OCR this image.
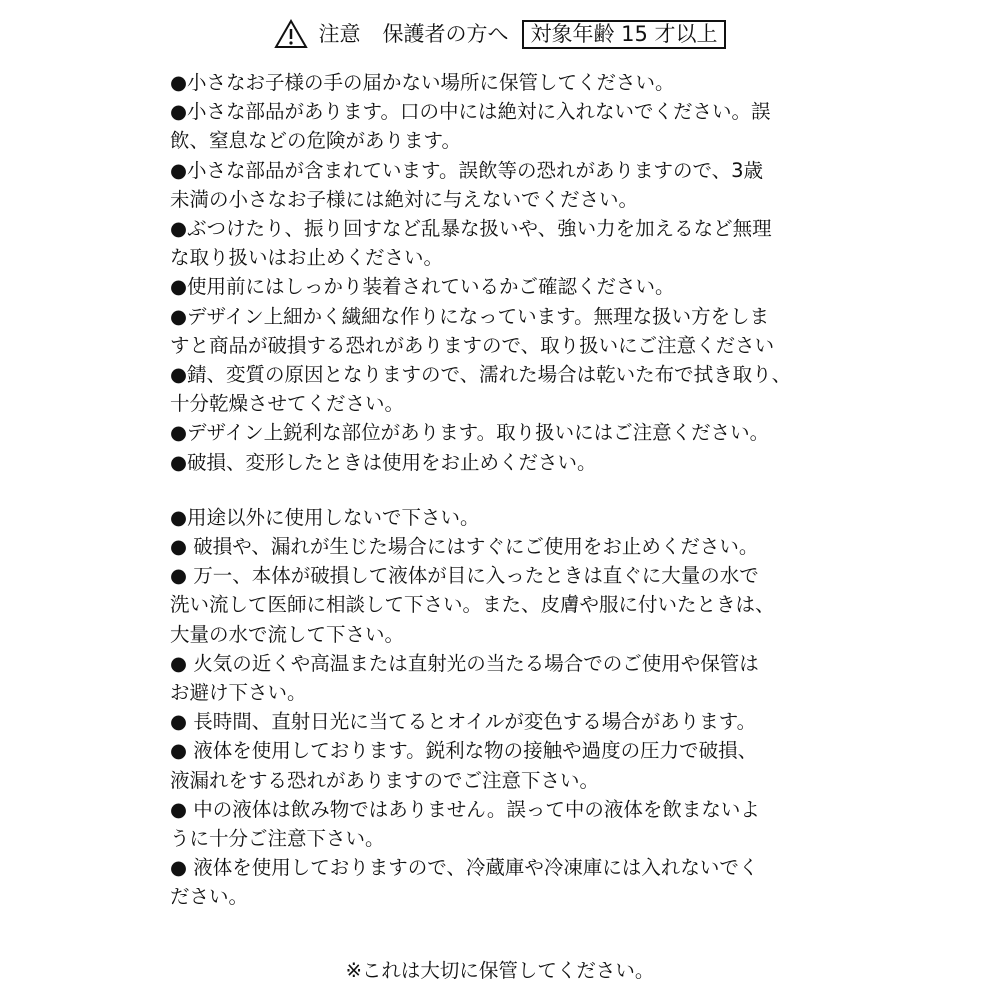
注意 保護者の方へ	対象年齢 15 才以上
●小さなお子様の手の届かない場所に保管してください。
●小さな部品があります。口の中には絶対に入れないでください。誤
飲、窒息などの危険があります。
●小さな部品が含まれています。誤飲等の恐れがありますので、3歳
未満の小さなお子様には絶対に与えないでください。
●ぶつけたり、振り回すなど乱暴な扱いや、強い力を加えるなど無理
な取り扱いはお止めください。
●使用前にはしっかり装着されているかご確認ください。
●デザイン上細かく繊細な作りになっています。無理な扱い方をしま
すと商品が破損する恐れがありますので、取り扱いにご注意ください
●錆、変質の原因となりますので、濡れた場合は乾いた布で拭き取り、
十分乾燥させてください。
●デザイン上鋭利な部位があります。取り扱いにはご注意ください。
●破損、変形したときは使用をお止めください。
●用途以外に使用しないで下さい。
● 破損や、漏れが生じた場合にはすぐにご使用をお止めください。
● 万一、本体が破損して液体が目に入ったときは直ぐに大量の水で
洗い流して医師に相談して下さい。また、皮膚や服に付いたときは、
大量の水で流して下さい。
● 火気の近くや高温または直射光の当たる場合でのご使用や保管は
お避け下さい。
● 長時間、直射日光に当てるとオイルが変色する場合があります。
● 液体を使用しております。鋭利な物の接触や過度の圧力で破損、
液漏れをする恐れがありますのでご注意下さい。
● 中の液体は飲み物ではありません。誤って中の液体を飲まないよ
うに十分ご注意下さい。
● 液体を使用しておりますので、冷蔵庫や冷凍庫には入れないでく
ださい。
※これは大切に保管してください。
